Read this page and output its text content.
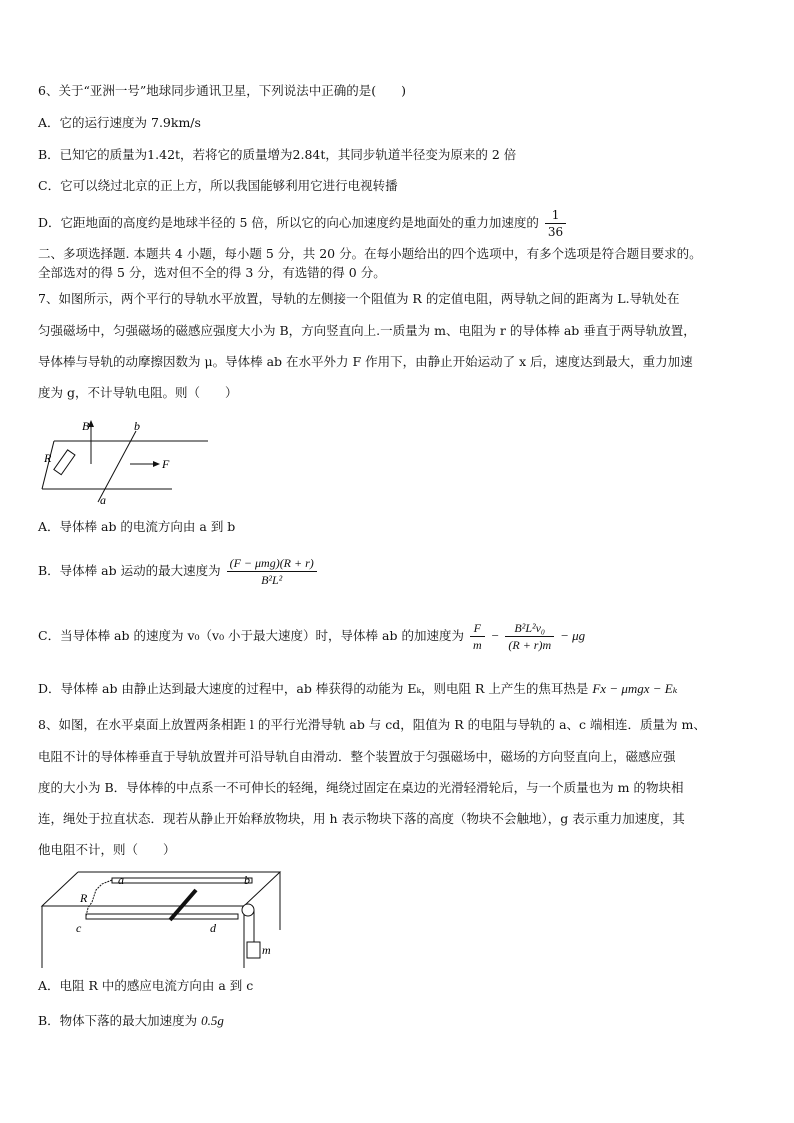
6、关于“亚洲一号”地球同步通讯卫星，下列说法中正确的是(　　)
A．它的运行速度为 7.9km/s
B．已知它的质量为1.42t，若将它的质量增为2.84t，其同步轨道半径变为原来的 2 倍
C．它可以绕过北京的正上方，所以我国能够利用它进行电视转播
D．它距地面的高度约是地球半径的 5 倍，所以它的向心加速度约是地面处的重力加速度的 $\frac{1}{36}$
二、多项选择题. 本题共 4 小题，每小题 5 分，共 20 分。在每小题给出的四个选项中，有多个选项是符合题目要求的。
全部选对的得 5 分，选对但不全的得 3 分，有选错的得 0 分。
7、如图所示，两个平行的导轨水平放置，导轨的左侧接一个阻值为 R 的定值电阻，两导轨之间的距离为 L.导轨处在
匀强磁场中，匀强磁场的磁感应强度大小为 B，方向竖直向上.一质量为 m、电阻为 r 的导体棒 ab 垂直于两导轨放置，
导体棒与导轨的动摩擦因数为 μ。导体棒 ab 在水平外力 F 作用下，由静止开始运动了 x 后，速度达到最大，重力加速
度为 g，不计导轨电阻。则（　　）
B	b
R	F
a
A．导体棒 ab 的电流方向由 a 到 b
B．导体棒 ab 运动的最大速度为 $\frac{\text{(F − μmg)(R + r)}}{\text{B²L²}}$
C．当导体棒 ab 的速度为 v₀（v₀ 小于最大速度）时，导体棒 ab 的加速度为 $\frac{F}{m} - \frac{\text{B²L²v₀}}{(R + r)m} - \mu g$
D．导体棒 ab 由静止达到最大速度的过程中，ab 棒获得的动能为 Eₖ，则电阻 R 上产生的焦耳热是 Fx − μmgx − Eₖ
8、如图，在水平桌面上放置两条相距 l 的平行光滑导轨 ab 与 cd，阻值为 R 的电阻与导轨的 a、c 端相连．质量为 m、
电阻不计的导体棒垂直于导轨放置并可沿导轨自由滑动．整个装置放于匀强磁场中，磁场的方向竖直向上，磁感应强
度的大小为 B．导体棒的中点系一不可伸长的轻绳，绳绕过固定在桌边的光滑轻滑轮后，与一个质量也为 m 的物块相
连，绳处于拉直状态．现若从静止开始释放物块，用 h 表示物块下落的高度（物块不会触地），g 表示重力加速度，其
他电阻不计，则（　　）
a	b
R
c	d
m
A．电阻 R 中的感应电流方向由 a 到 c
B．物体下落的最大加速度为 0.5g
